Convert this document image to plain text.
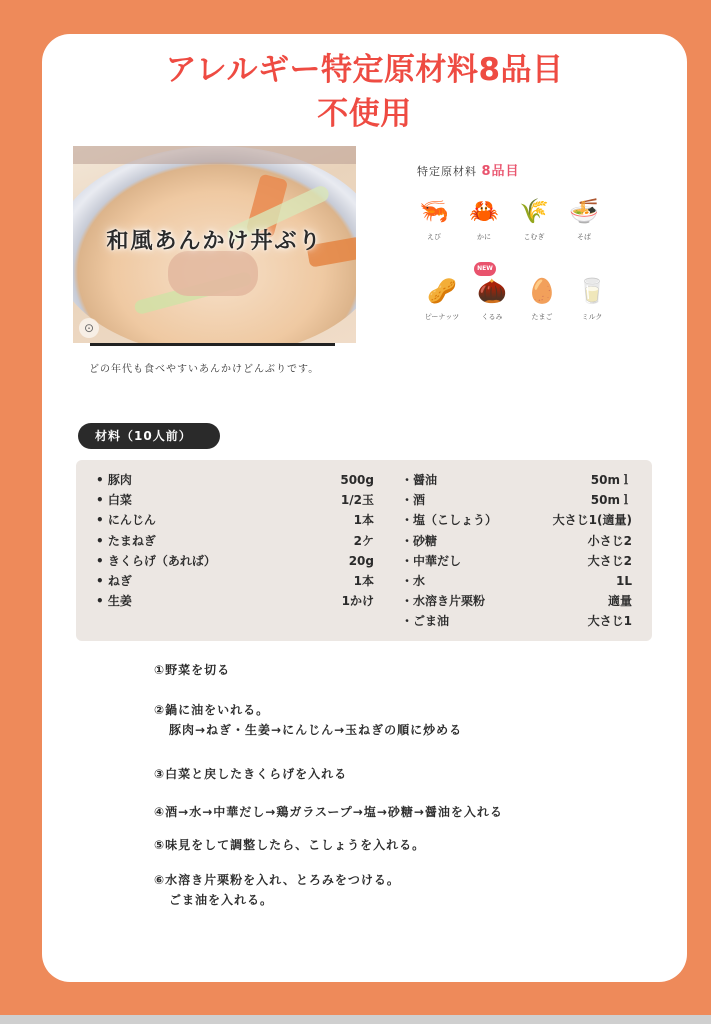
アレルギー特定原材料8品目
不使用
和風あんかけ丼ぶり
⊙
どの年代も食べやすいあんかけどんぶりです。
特定原材料 8品目
🦐
えび
🦀
かに
🌾
こむぎ
🍜
そば
🥜
ピーナッツ
🌰
くるみ
NEW
🥚
たまご
🥛
ミルク
材料（10人前）
• 豚肉	500g
• 白菜	1/2玉
• にんじん	1本
• たまねぎ	2ケ
• きくらげ（あれば）	20g
• ねぎ	1本
• 生姜	1かけ
・ 醤油	50mｌ
・ 酒	50mｌ
・ 塩（こしょう）	大さじ1(適量)
・ 砂糖	小さじ2
・ 中華だし	大さじ2
・ 水	1L
・ 水溶き片栗粉	適量
・ ごま油	大さじ1
①野菜を切る
②鍋に油をいれる。
豚肉→ねぎ・生姜→にんじん→玉ねぎの順に炒める
③白菜と戻したきくらげを入れる
④酒→水→中華だし→鶏ガラスープ→塩→砂糖→醤油を入れる
⑤味見をして調整したら、こしょうを入れる。
⑥水溶き片栗粉を入れ、とろみをつける。
ごま油を入れる。
